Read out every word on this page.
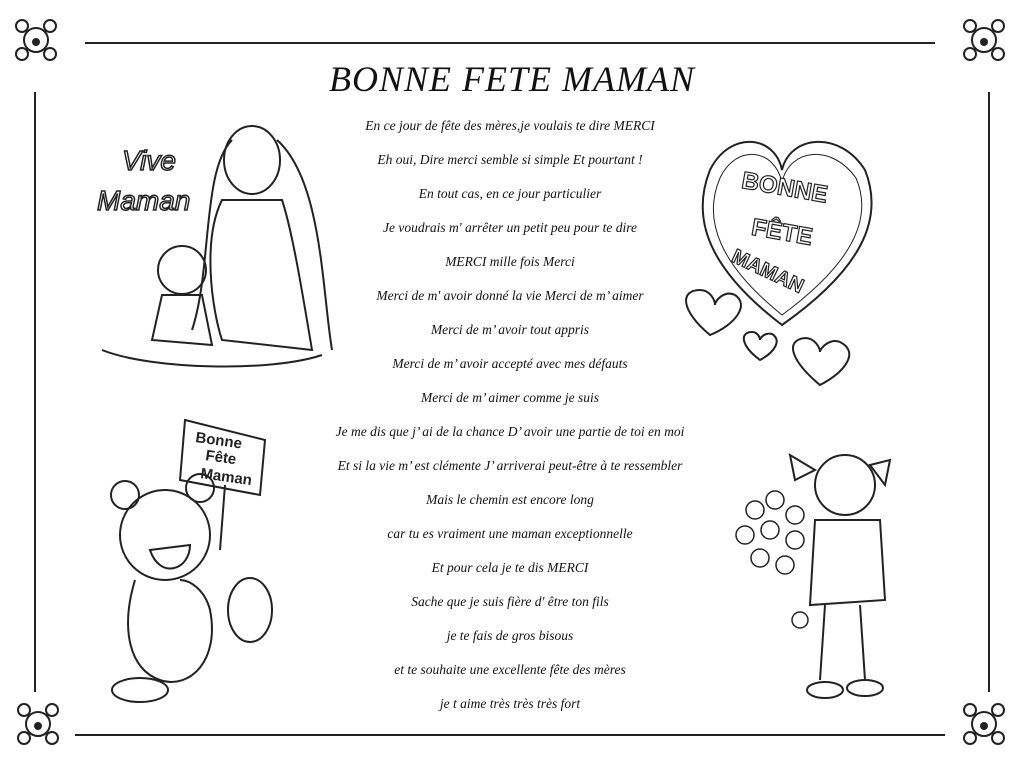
BONNE FETE MAMAN
En ce jour de fête des mères,je voulais te dire MERCI
Eh oui, Dire merci semble si simple Et pourtant !
En tout cas, en ce jour particulier
Je voudrais m' arrêter un petit peu pour te dire
MERCI mille fois Merci
Merci de m' avoir donné la vie Merci de m’ aimer
Merci de m’ avoir tout appris
Merci de m’ avoir accepté avec mes défauts
Merci de m’ aimer comme je suis
Je me dis que j’ ai de la chance D’ avoir une partie de toi en moi
Et si la vie m’ est clémente J’ arriverai peut-être à te ressembler
Mais le chemin est encore long
car tu es vraiment une maman exceptionnelle
Et pour cela je te dis MERCI
Sache que je suis fière d' être ton fils
je te fais de gros bisous
et te souhaite une excellente fête des mères
je t aime très très très fort
Vive
Maman	BONNE
FÊTE
MAMAN
Bonne
Fête
Maman
